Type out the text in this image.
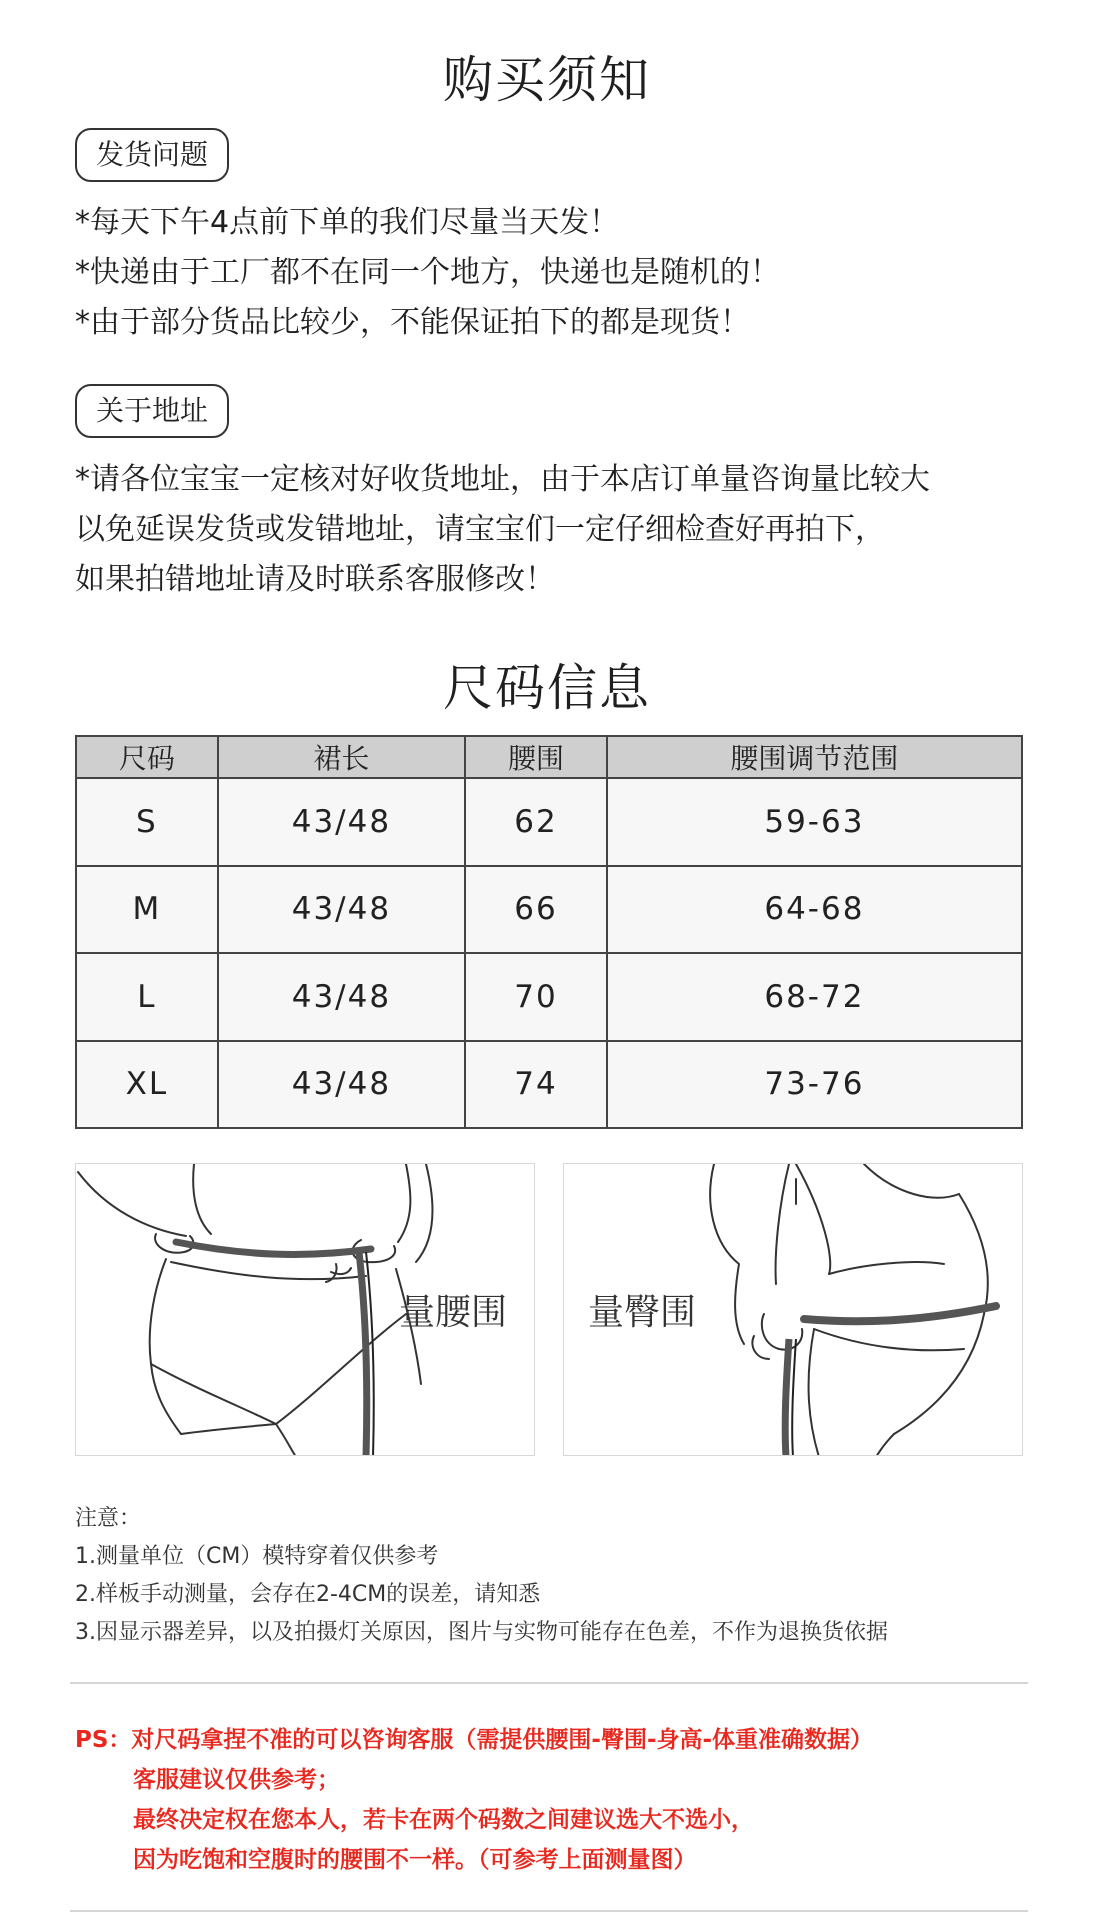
购买须知
发货问题

*每天下午4点前下单的我们尽量当天发！

*快递由于工厂都不在同一个地方，快递也是随机的！

*由于部分货品比较少，不能保证拍下的都是现货！

关于地址

*请各位宝宝一定核对好收货地址，由于本店订单量咨询量比较大

以免延误发货或发错地址，请宝宝们一定仔细检查好再拍下，

如果拍错地址请及时联系客服修改！

尺码信息
尺码	裙长	腰围	腰围调节范围
S	43/48	62	59-63
M	43/48	66	64-68
L	43/48	70	68-72
XL	43/48	74	73-76
量腰围 量臀围

注意：

1.测量单位（CM）模特穿着仅供参考

2.样板手动测量，会存在2-4CM的误差，请知悉

3.因显示器差异，以及拍摄灯关原因，图片与实物可能存在色差，不作为退换货依据

PS：对尺码拿捏不准的可以咨询客服（需提供腰围-臀围-身高-体重准确数据）

客服建议仅供参考；

最终决定权在您本人，若卡在两个码数之间建议选大不选小，

因为吃饱和空腹时的腰围不一样。（可参考上面测量图）
